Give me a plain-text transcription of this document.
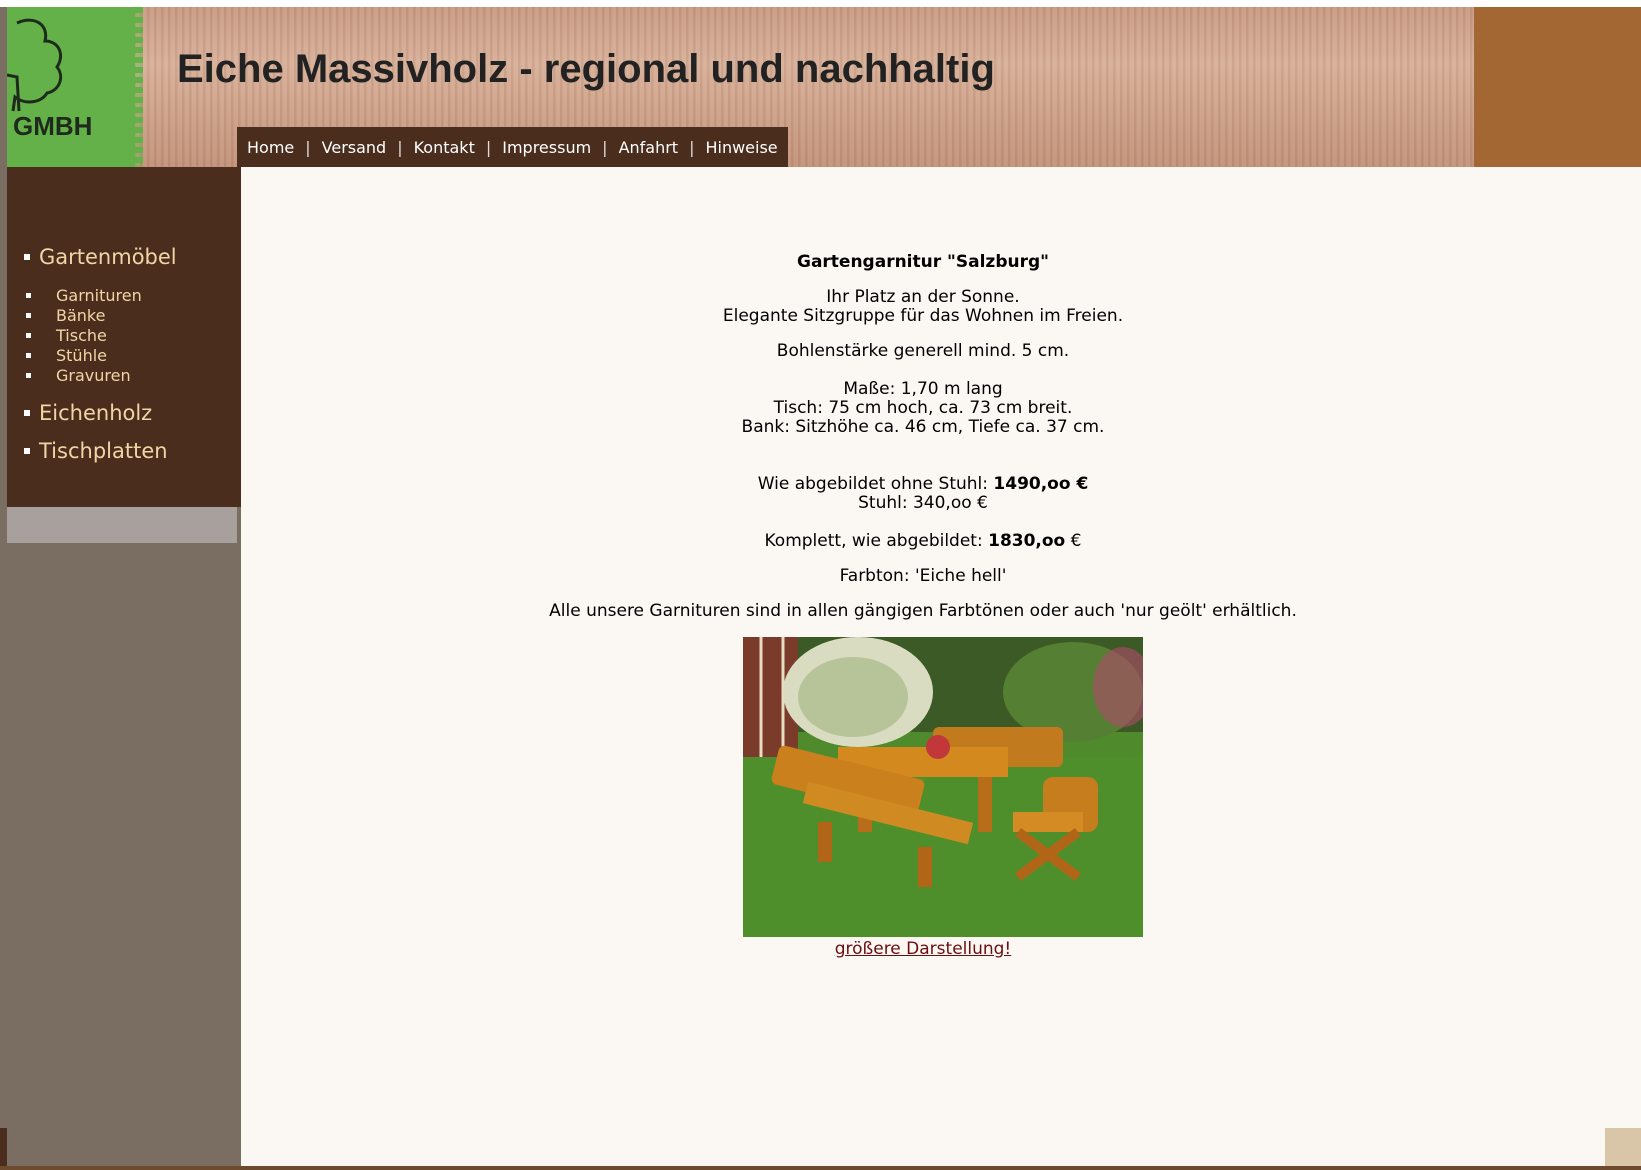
GMBH
Eiche Massivholz - regional und nachhaltig
Home | Versand | Kontakt | Impressum | Anfahrt | Hinweise
Gartenmöbel
Garnituren
Bänke
Tische
Stühle
Gravuren
Eichenholz
Tischplatten
Gartengarnitur "Salzburg"
Ihr Platz an der Sonne.
Elegante Sitzgruppe für das Wohnen im Freien.
Bohlenstärke generell mind. 5 cm.
Maße: 1,70 m lang
Tisch: 75 cm hoch, ca. 73 cm breit.
Bank: Sitzhöhe ca. 46 cm, Tiefe ca. 37 cm.
Wie abgebildet ohne Stuhl: 1490,oo €
Stuhl: 340,oo €
Komplett, wie abgebildet: 1830,oo €
Farbton: 'Eiche hell'
Alle unsere Garnituren sind in allen gängigen Farbtönen oder auch 'nur geölt' erhältlich.
größere Darstellung!
